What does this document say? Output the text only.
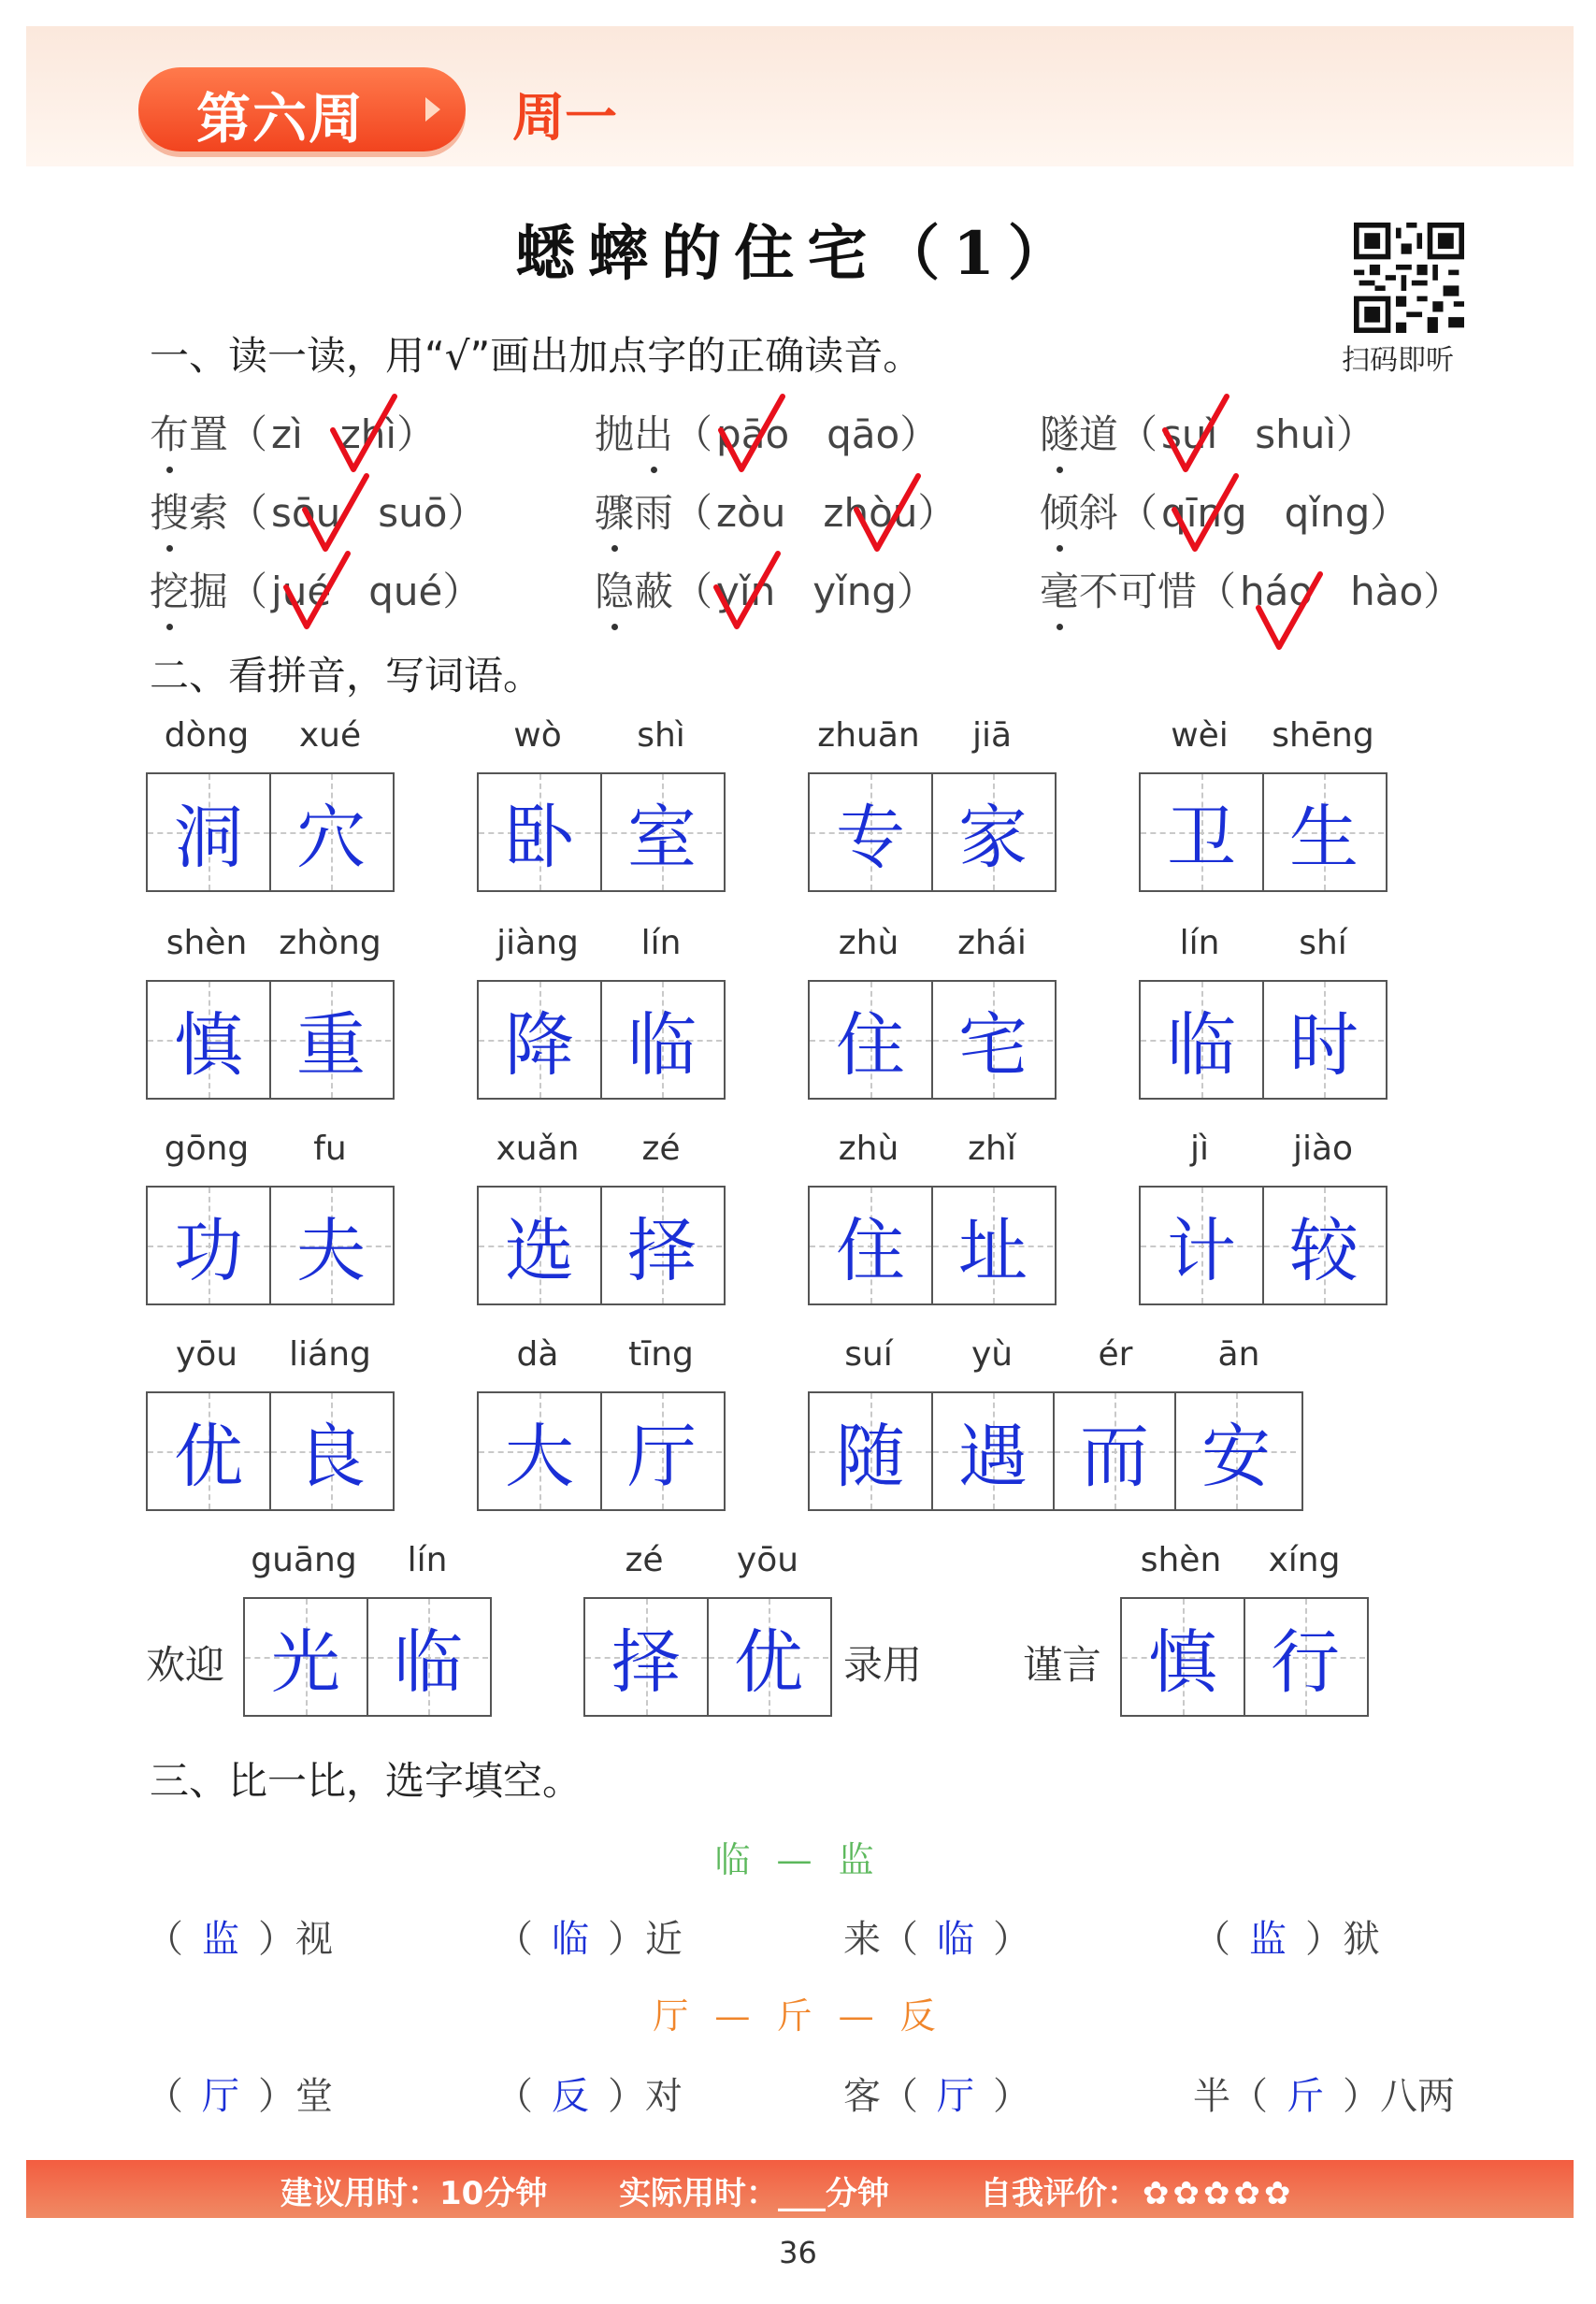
第六周	周一
蟋蟀的住宅（1）
扫码即听
一、读一读，用“√”画出加点字的正确读音。
布置（zì zhì）	抛出（pāo qāo）	隧道（suì shuì）
搜索（sōu suō）	骤雨（zòu zhòu） 倾斜（qīng qǐng）
挖掘（jué qué）	隐蔽（yǐn yǐng）	毫不可惜（háo hào）
二、看拼音，写词语。
dòng	xué
洞 穴
wò	shì
卧 室
zhuān	jiā
专 家
wèi	shēng
卫 生
shèn zhòng
慎 重
jiàng	lín
降 临
zhù	zhái
住 宅
lín	shí
临 时
gōng	fu
功 夫
xuǎn	zé
选 择
zhù	zhǐ
住 址
jì	jiào
计 较
yōu	liáng
优 良
dà	tīng
大 厅
suí	yù	ér	ān
随 遇 而 安
guāng	lín
光 临
欢迎
zé	yōu
择 优 录用
shèn	xíng
慎 行
谨言
三、比一比，选字填空。
临 — 监
厅 — 斤 — 反
（ 监 ）视	（ 临 ）近	来（ 临 ）	（ 监 ）狱
（ 厅 ）堂	（ 反 ）对	客（ 厅 ）	半（ 斤 ）八两
建议用时：10分钟 实际用时：___分钟	自我评价： ✿ ✿ ✿ ✿ ✿
36
